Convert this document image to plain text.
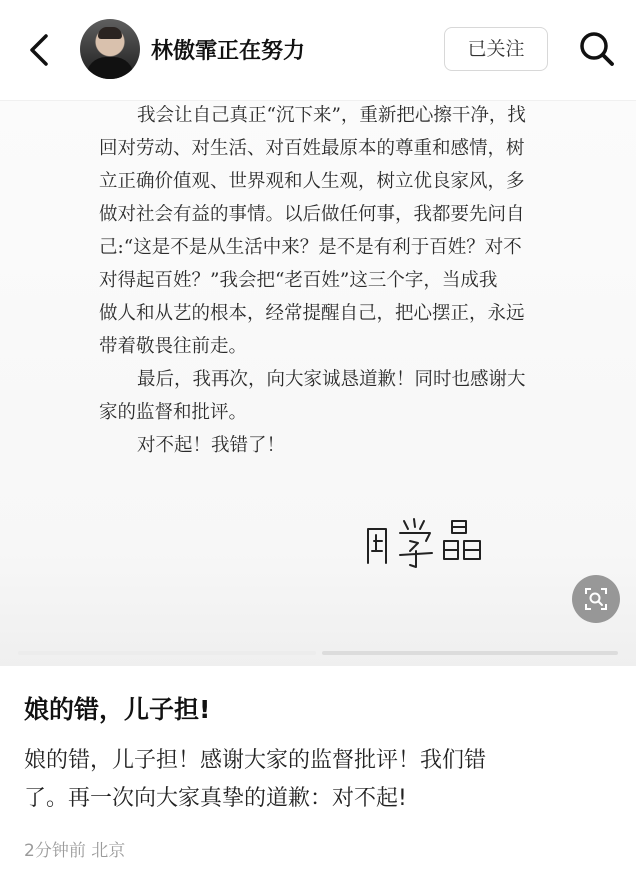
林傲霏正在努力	已关注

我会让自己真正“沉下来”，重新把心擦干净，找

回对劳动、对生活、对百姓最原本的尊重和感情，树

立正确价值观、世界观和人生观，树立优良家风，多

做对社会有益的事情。以后做任何事，我都要先问自

己:“这是不是从生活中来？是不是有利于百姓？对不

对得起百姓？”我会把“老百姓”这三个字，当成我

做人和从艺的根本，经常提醒自己，把心摆正，永远

带着敬畏往前走。

最后，我再次，向大家诚恳道歉！同时也感谢大

家的监督和批评。

对不起！我错了！

娘的错，儿子担!

娘的错，儿子担！感谢大家的监督批评！我们错

了。再一次向大家真挚的道歉：对不起!

2分钟前 北京
